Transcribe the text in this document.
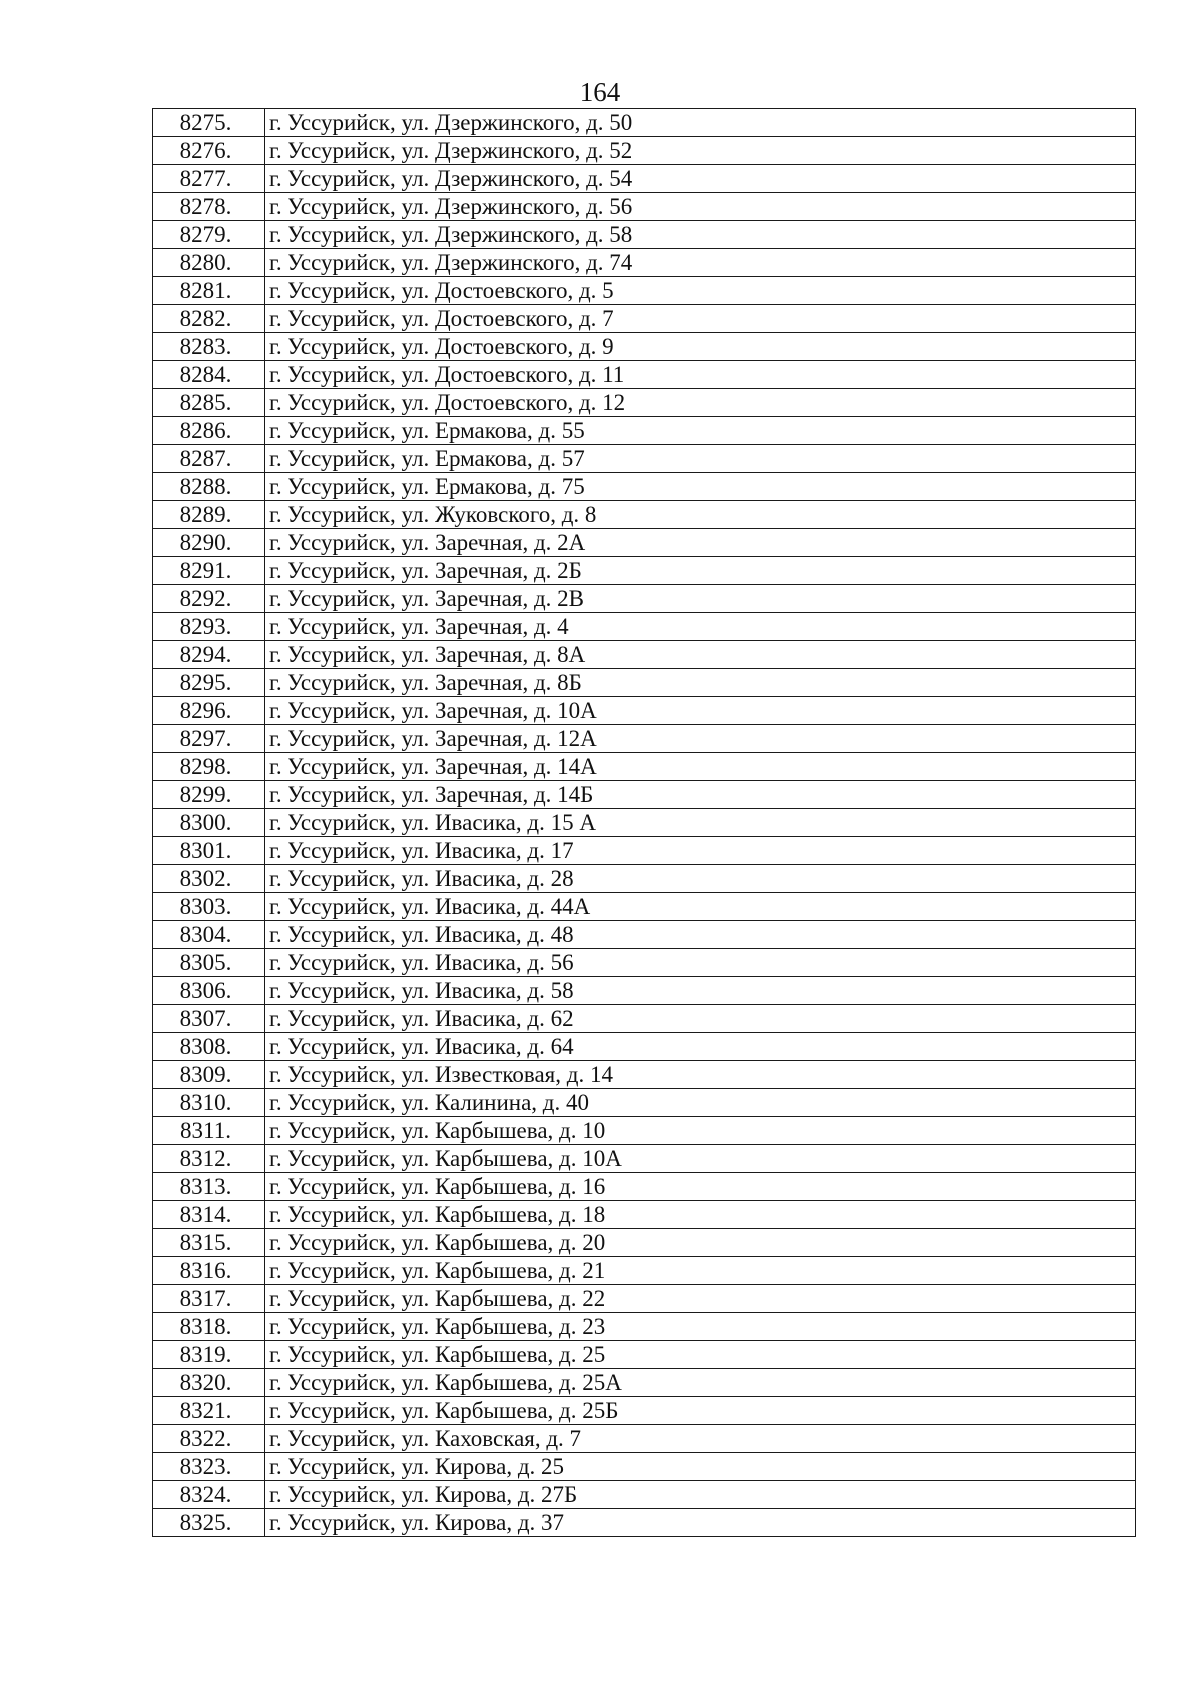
164
8275.	г. Уссурийск, ул. Дзержинского, д. 50
8276.	г. Уссурийск, ул. Дзержинского, д. 52
8277.	г. Уссурийск, ул. Дзержинского, д. 54
8278.	г. Уссурийск, ул. Дзержинского, д. 56
8279.	г. Уссурийск, ул. Дзержинского, д. 58
8280.	г. Уссурийск, ул. Дзержинского, д. 74
8281.	г. Уссурийск, ул. Достоевского, д. 5
8282.	г. Уссурийск, ул. Достоевского, д. 7
8283.	г. Уссурийск, ул. Достоевского, д. 9
8284.	г. Уссурийск, ул. Достоевского, д. 11
8285.	г. Уссурийск, ул. Достоевского, д. 12
8286.	г. Уссурийск, ул. Ермакова, д. 55
8287.	г. Уссурийск, ул. Ермакова, д. 57
8288.	г. Уссурийск, ул. Ермакова, д. 75
8289.	г. Уссурийск, ул. Жуковского, д. 8
8290.	г. Уссурийск, ул. Заречная, д. 2А
8291.	г. Уссурийск, ул. Заречная, д. 2Б
8292.	г. Уссурийск, ул. Заречная, д. 2В
8293.	г. Уссурийск, ул. Заречная, д. 4
8294.	г. Уссурийск, ул. Заречная, д. 8А
8295.	г. Уссурийск, ул. Заречная, д. 8Б
8296.	г. Уссурийск, ул. Заречная, д. 10А
8297.	г. Уссурийск, ул. Заречная, д. 12А
8298.	г. Уссурийск, ул. Заречная, д. 14А
8299.	г. Уссурийск, ул. Заречная, д. 14Б
8300.	г. Уссурийск, ул. Ивасика, д. 15 А
8301.	г. Уссурийск, ул. Ивасика, д. 17
8302.	г. Уссурийск, ул. Ивасика, д. 28
8303.	г. Уссурийск, ул. Ивасика, д. 44А
8304.	г. Уссурийск, ул. Ивасика, д. 48
8305.	г. Уссурийск, ул. Ивасика, д. 56
8306.	г. Уссурийск, ул. Ивасика, д. 58
8307.	г. Уссурийск, ул. Ивасика, д. 62
8308.	г. Уссурийск, ул. Ивасика, д. 64
8309.	г. Уссурийск, ул. Известковая, д. 14
8310.	г. Уссурийск, ул. Калинина, д. 40
8311.	г. Уссурийск, ул. Карбышева, д. 10
8312.	г. Уссурийск, ул. Карбышева, д. 10А
8313.	г. Уссурийск, ул. Карбышева, д. 16
8314.	г. Уссурийск, ул. Карбышева, д. 18
8315.	г. Уссурийск, ул. Карбышева, д. 20
8316.	г. Уссурийск, ул. Карбышева, д. 21
8317.	г. Уссурийск, ул. Карбышева, д. 22
8318.	г. Уссурийск, ул. Карбышева, д. 23
8319.	г. Уссурийск, ул. Карбышева, д. 25
8320.	г. Уссурийск, ул. Карбышева, д. 25А
8321.	г. Уссурийск, ул. Карбышева, д. 25Б
8322.	г. Уссурийск, ул. Каховская, д. 7
8323.	г. Уссурийск, ул. Кирова, д. 25
8324.	г. Уссурийск, ул. Кирова, д. 27Б
8325.	г. Уссурийск, ул. Кирова, д. 37
